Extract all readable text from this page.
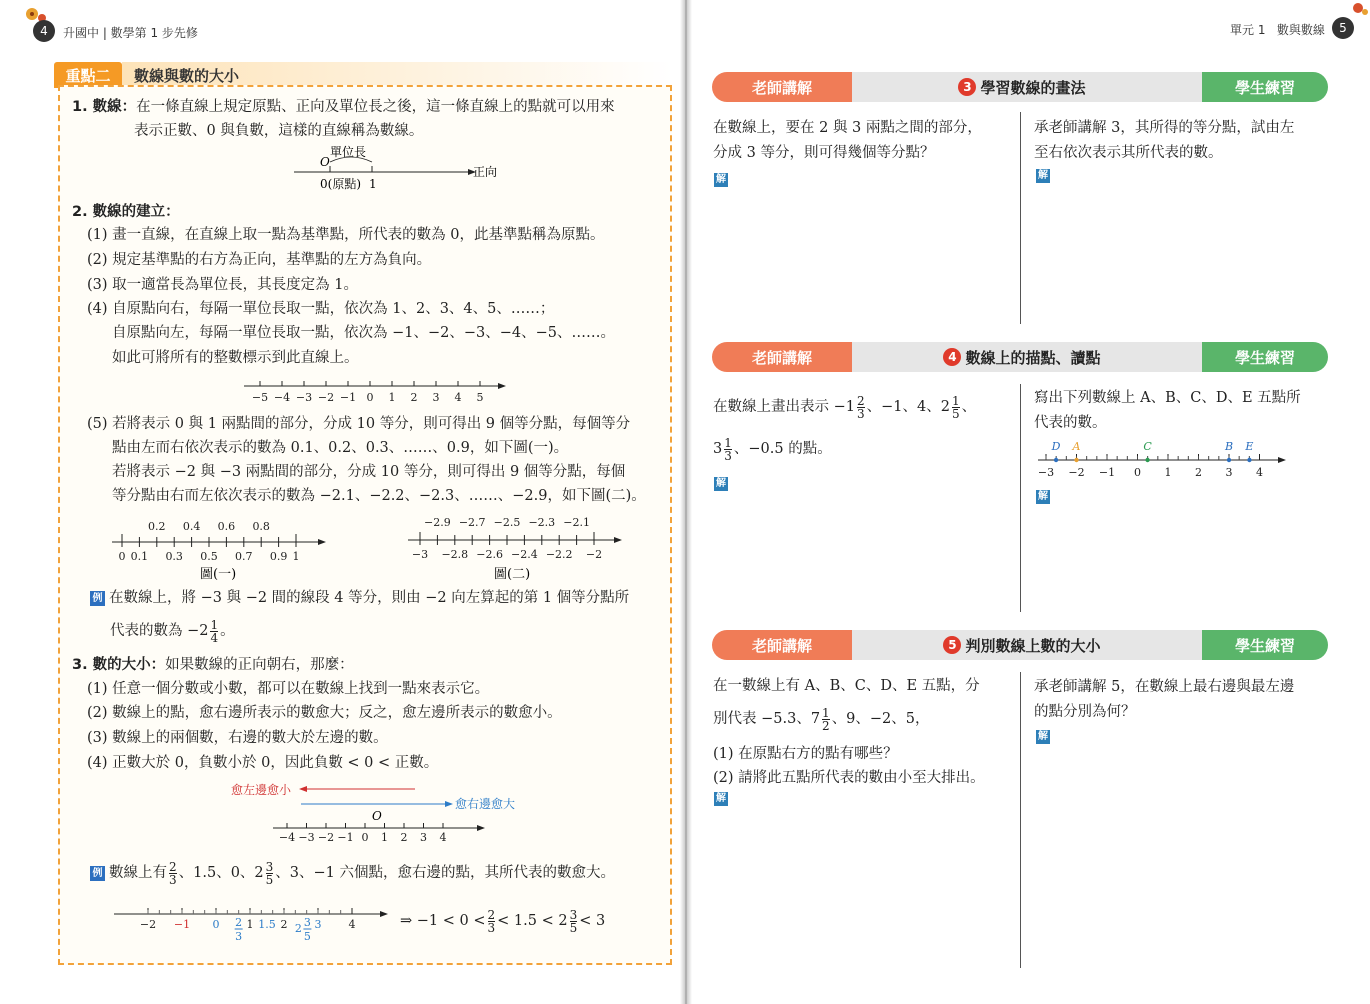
4	升國中 | 數學第 1 步先修
重點二	數線與數的大小
1. 數線：在一條直線上規定原點、正向及單位長之後，這一條直線上的點就可以用來
表示正數、0 與負數，這樣的直線稱為數線。
單位長
O
0(原點) 1
正向
2. 數線的建立：
(1) 畫一直線，在直線上取一點為基準點，所代表的數為 0，此基準點稱為原點。
(2) 規定基準點的右方為正向，基準點的左方為負向。
(3) 取一適當長為單位長，其長度定為 1。
(4) 自原點向右，每隔一單位長取一點，依次為 1、2、3、4、5、……；
自原點向左，每隔一單位長取一點，依次為 −1、−2、−3、−4、−5、……。
如此可將所有的整數標示到此直線上。
−5 −4 −3 −2 −1 0 1 2 3 4 5
(5) 若將表示 0 與 1 兩點間的部分，分成 10 等分，則可得出 9 個等分點，每個等分
點由左而右依次表示的數為 0.1、0.2、0.3、……、0.9，如下圖(一)。
若將表示 −2 與 −3 兩點間的部分，分成 10 等分，則可得出 9 個等分點，每個
等分點由右而左依次表示的數為 −2.1、−2.2、−2.3、……、−2.9，如下圖(二)。
0.2 0.4 0.6 0.8
0 0.1 0.3 0.5 0.7 0.9 1
圖(一)
−2.9 −2.7 −2.5 −2.3 −2.1
−3 −2.8 −2.6 −2.4 −2.2 −2
圖(二)
例 在數線上，將 −3 與 −2 間的線段 4 等分，則由 −2 向左算起的第 1 個等分點所
代表的數為 $-2 \frac{1}{4}$ 。
3. 數的大小：如果數線的正向朝右，那麼：
(1) 任意一個分數或小數，都可以在數線上找到一點來表示它。
(2) 數線上的點，愈右邊所表示的數愈大；反之，愈左邊所表示的數愈小。
(3) 數線上的兩個數，右邊的數大於左邊的數。
(4) 正數大於 0，負數小於 0，因此負數 < 0 < 正數。
愈左邊愈小
愈右邊愈大
O
−4 −3 −2 −1 0 1 2 3 4
例 數線上有 $\frac{2}{3}$ 、1.5、0、$2 \frac{3}{5}$ 、3、−1 六個點，愈右邊的點，其所代表的數愈大。
−2 −1 0 1 1.5 2 3 4
2
3
2 3
5
⇒ $-1 < 0 < \frac{2}{3} < 1.5 < 2 \frac{3}{5} < 3$
單元 1 數與數線	5
3 學習數線的畫法
老師講解	學生練習
在數線上，要在 2 與 3 兩點之間的部分，
分成 3 等分，則可得幾個等分點？
解
承老師講解 3，其所得的等分點，試由左
至右依次表示其所代表的數。
解
4 數線上的描點、讀點
老師講解	學生練習
在數線上畫出表示 $-1 \frac{2}{3}$ 、−1、4、$2 \frac{1}{5}$ 、
$3 \frac{1}{3}$ 、−0.5 的點。
解
寫出下列數線上 A、B、C、D、E 五點所
代表的數。
−3 −2 −1 0 1 2 3 4
D A	C	B E
解
5 判別數線上數的大小
老師講解	學生練習
在一數線上有 A、B、C、D、E 五點，分
別代表 −5.3、$7 \frac{1}{2}$ 、9、−2、5，
(1) 在原點右方的點有哪些？
(2) 請將此五點所代表的數由小至大排出。
解
承老師講解 5，在數線上最右邊與最左邊
的點分別為何？
解
